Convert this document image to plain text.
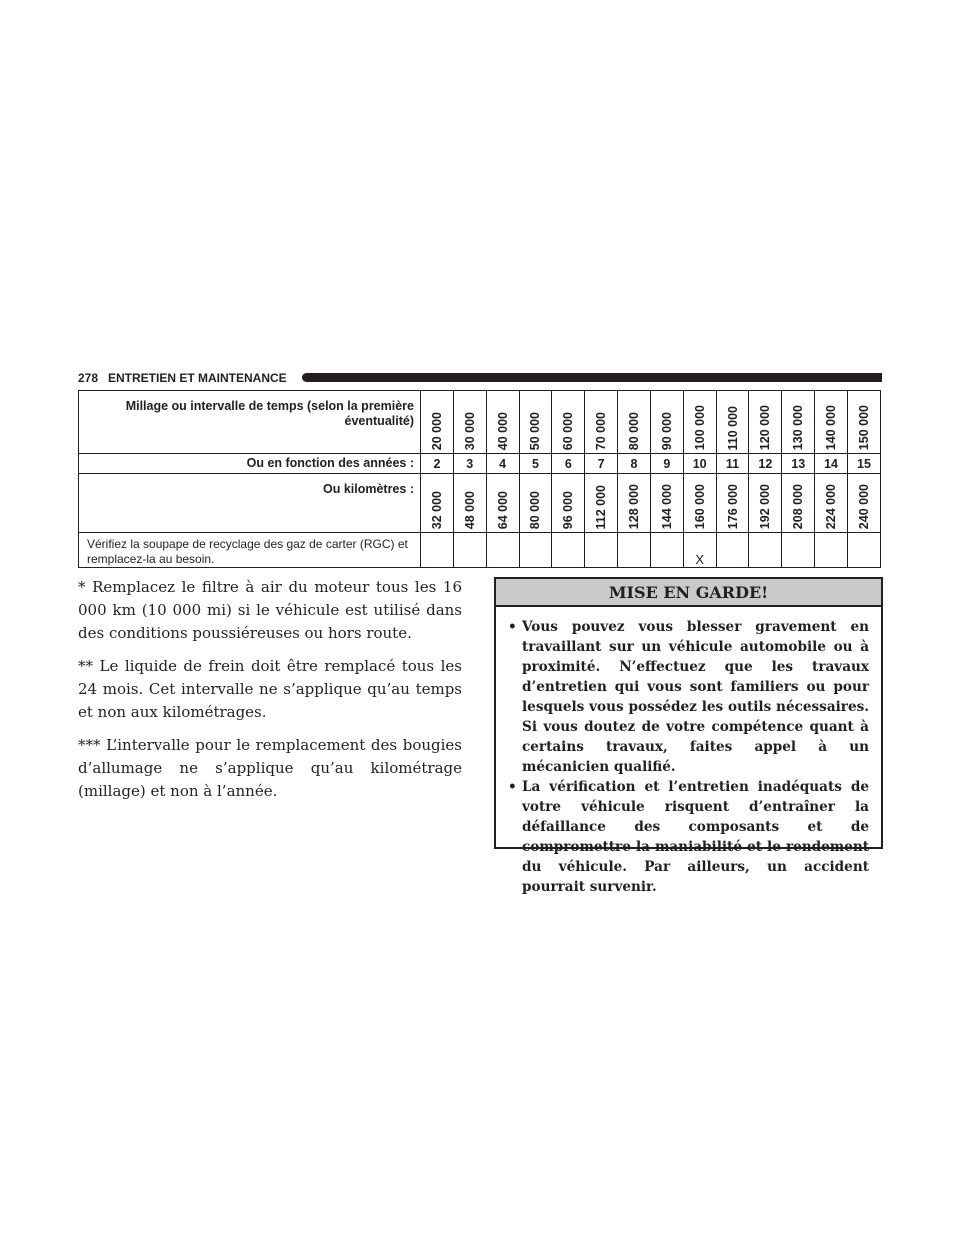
278 ENTRETIEN ET MAINTENANCE
Millage ou intervalle de temps (selon la première éventualité)	20 000	30 000	40 000	50 000	60 000	70 000	80 000	90 000	100 000	110 000	120 000	130 000	140 000	150 000
Ou en fonction des années :	2	3	4	5	6	7	8	9	10	11	12	13	14	15
Ou kilomètres :	32 000	48 000	64 000	80 000	96 000	112 000	128 000	144 000	160 000	176 000	192 000	208 000	224 000	240 000
Vérifiez la soupape de recyclage des gaz de carter (RGC) et remplacez-la au besoin.									X					

* Remplacez le filtre à air du moteur tous les 16 000 km (10 000 mi) si le véhicule est utilisé dans des conditions poussiéreuses ou hors route.

** Le liquide de frein doit être remplacé tous les 24 mois. Cet intervalle ne s’applique qu’au temps et non aux kilométrages.

*** L’intervalle pour le remplacement des bougies d’allumage ne s’applique qu’au kilométrage (millage) et non à l’année.

MISE EN GARDE!
• Vous pouvez vous blesser gravement en travaillant sur un véhicule automobile ou à proximité. N’effectuez que les travaux d’entretien qui vous sont familiers ou pour lesquels vous possédez les outils nécessaires. Si vous doutez de votre compétence quant à certains travaux, faites appel à un mécanicien qualifié.
• La vérification et l’entretien inadéquats de votre véhicule risquent d’entraîner la défaillance des composants et de compromettre la maniabilité et le rendement du véhicule. Par ailleurs, un accident pourrait survenir.
